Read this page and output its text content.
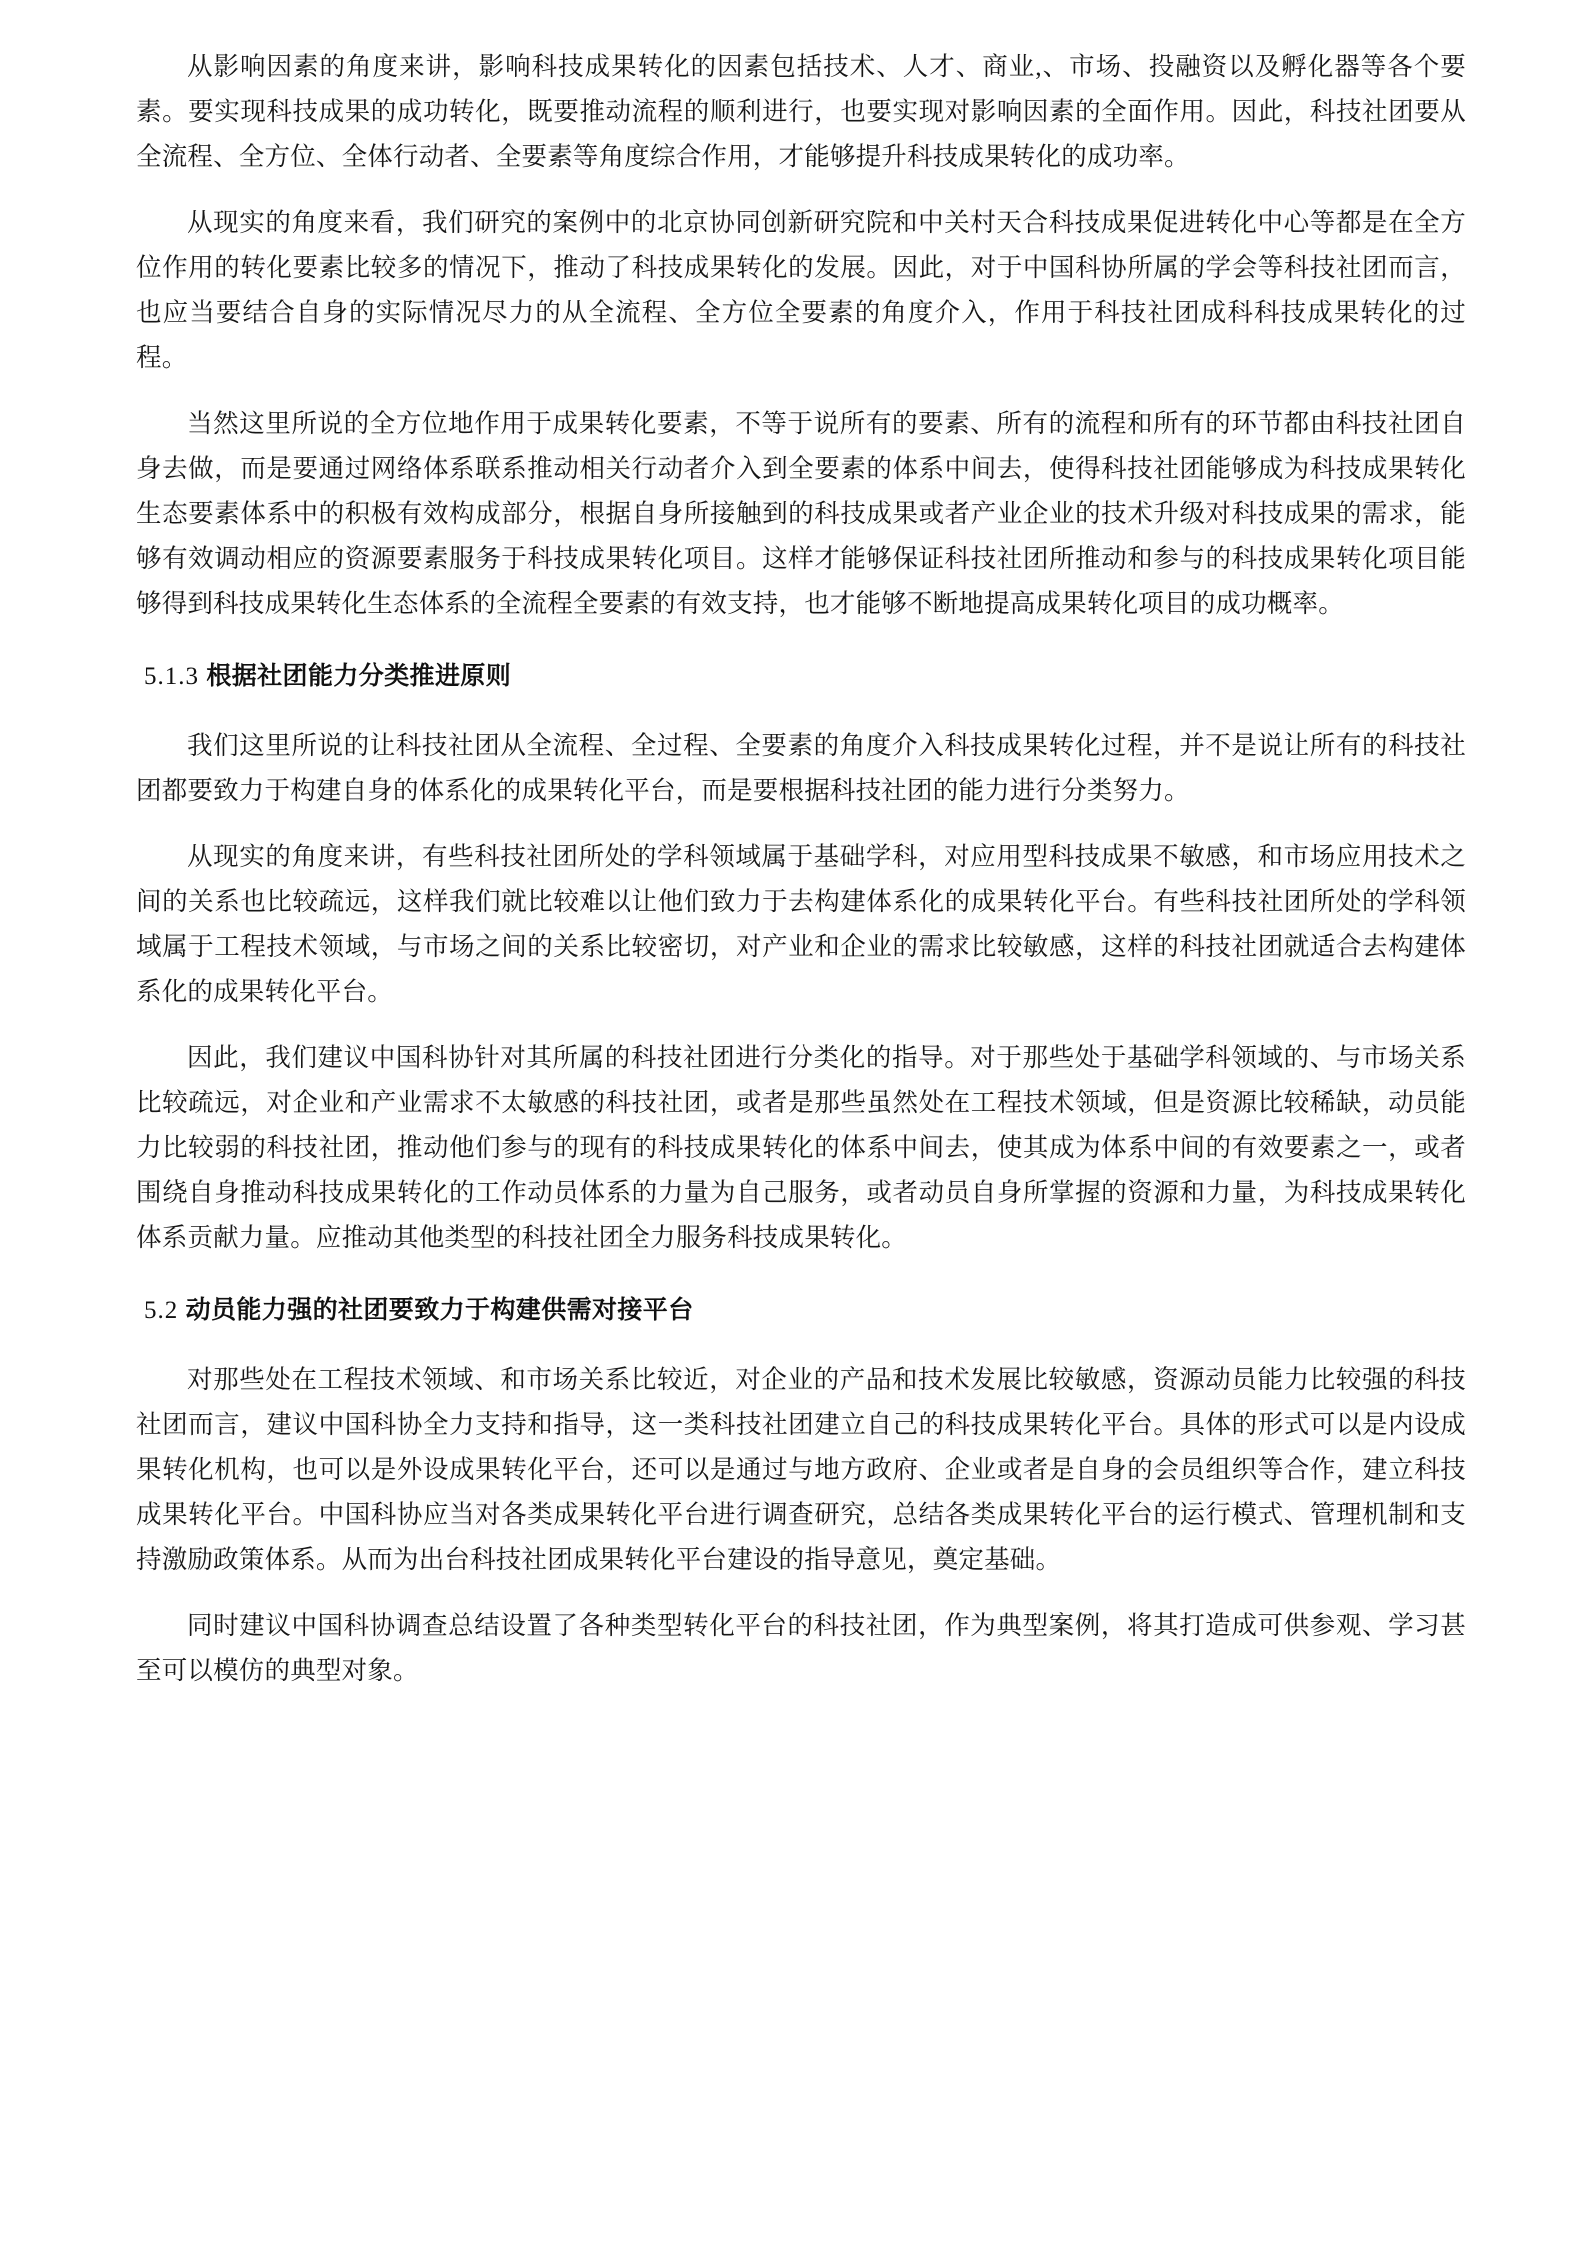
从影响因素的角度来讲，影响科技成果转化的因素包括技术、人才、商业,、市场、投融资以及孵化器等各个要素。要实现科技成果的成功转化，既要推动流程的顺利进行，也要实现对影响因素的全面作用。因此，科技社团要从全流程、全方位、全体行动者、全要素等角度综合作用，才能够提升科技成果转化的成功率。

从现实的角度来看，我们研究的案例中的北京协同创新研究院和中关村天合科技成果促进转化中心等都是在全方位作用的转化要素比较多的情况下，推动了科技成果转化的发展。因此，对于中国科协所属的学会等科技社团而言，也应当要结合自身的实际情况尽力的从全流程、全方位全要素的角度介入，作用于科技社团成科科技成果转化的过程。

当然这里所说的全方位地作用于成果转化要素，不等于说所有的要素、所有的流程和所有的环节都由科技社团自身去做，而是要通过网络体系联系推动相关行动者介入到全要素的体系中间去，使得科技社团能够成为科技成果转化生态要素体系中的积极有效构成部分，根据自身所接触到的科技成果或者产业企业的技术升级对科技成果的需求，能够有效调动相应的资源要素服务于科技成果转化项目。这样才能够保证科技社团所推动和参与的科技成果转化项目能够得到科技成果转化生态体系的全流程全要素的有效支持，也才能够不断地提高成果转化项目的成功概率。

5.1.3 根据社团能力分类推进原则

我们这里所说的让科技社团从全流程、全过程、全要素的角度介入科技成果转化过程，并不是说让所有的科技社团都要致力于构建自身的体系化的成果转化平台，而是要根据科技社团的能力进行分类努力。

从现实的角度来讲，有些科技社团所处的学科领域属于基础学科，对应用型科技成果不敏感，和市场应用技术之间的关系也比较疏远，这样我们就比较难以让他们致力于去构建体系化的成果转化平台。有些科技社团所处的学科领域属于工程技术领域，与市场之间的关系比较密切，对产业和企业的需求比较敏感，这样的科技社团就适合去构建体系化的成果转化平台。

因此，我们建议中国科协针对其所属的科技社团进行分类化的指导。对于那些处于基础学科领域的、与市场关系比较疏远，对企业和产业需求不太敏感的科技社团，或者是那些虽然处在工程技术领域，但是资源比较稀缺，动员能力比较弱的科技社团，推动他们参与的现有的科技成果转化的体系中间去，使其成为体系中间的有效要素之一，或者围绕自身推动科技成果转化的工作动员体系的力量为自己服务，或者动员自身所掌握的资源和力量，为科技成果转化体系贡献力量。应推动其他类型的科技社团全力服务科技成果转化。

5.2 动员能力强的社团要致力于构建供需对接平台

对那些处在工程技术领域、和市场关系比较近，对企业的产品和技术发展比较敏感，资源动员能力比较强的科技社团而言，建议中国科协全力支持和指导，这一类科技社团建立自己的科技成果转化平台。具体的形式可以是内设成果转化机构，也可以是外设成果转化平台，还可以是通过与地方政府、企业或者是自身的会员组织等合作，建立科技成果转化平台。中国科协应当对各类成果转化平台进行调查研究，总结各类成果转化平台的运行模式、管理机制和支持激励政策体系。从而为出台科技社团成果转化平台建设的指导意见，奠定基础。

同时建议中国科协调查总结设置了各种类型转化平台的科技社团，作为典型案例，将其打造成可供参观、学习甚至可以模仿的典型对象。
